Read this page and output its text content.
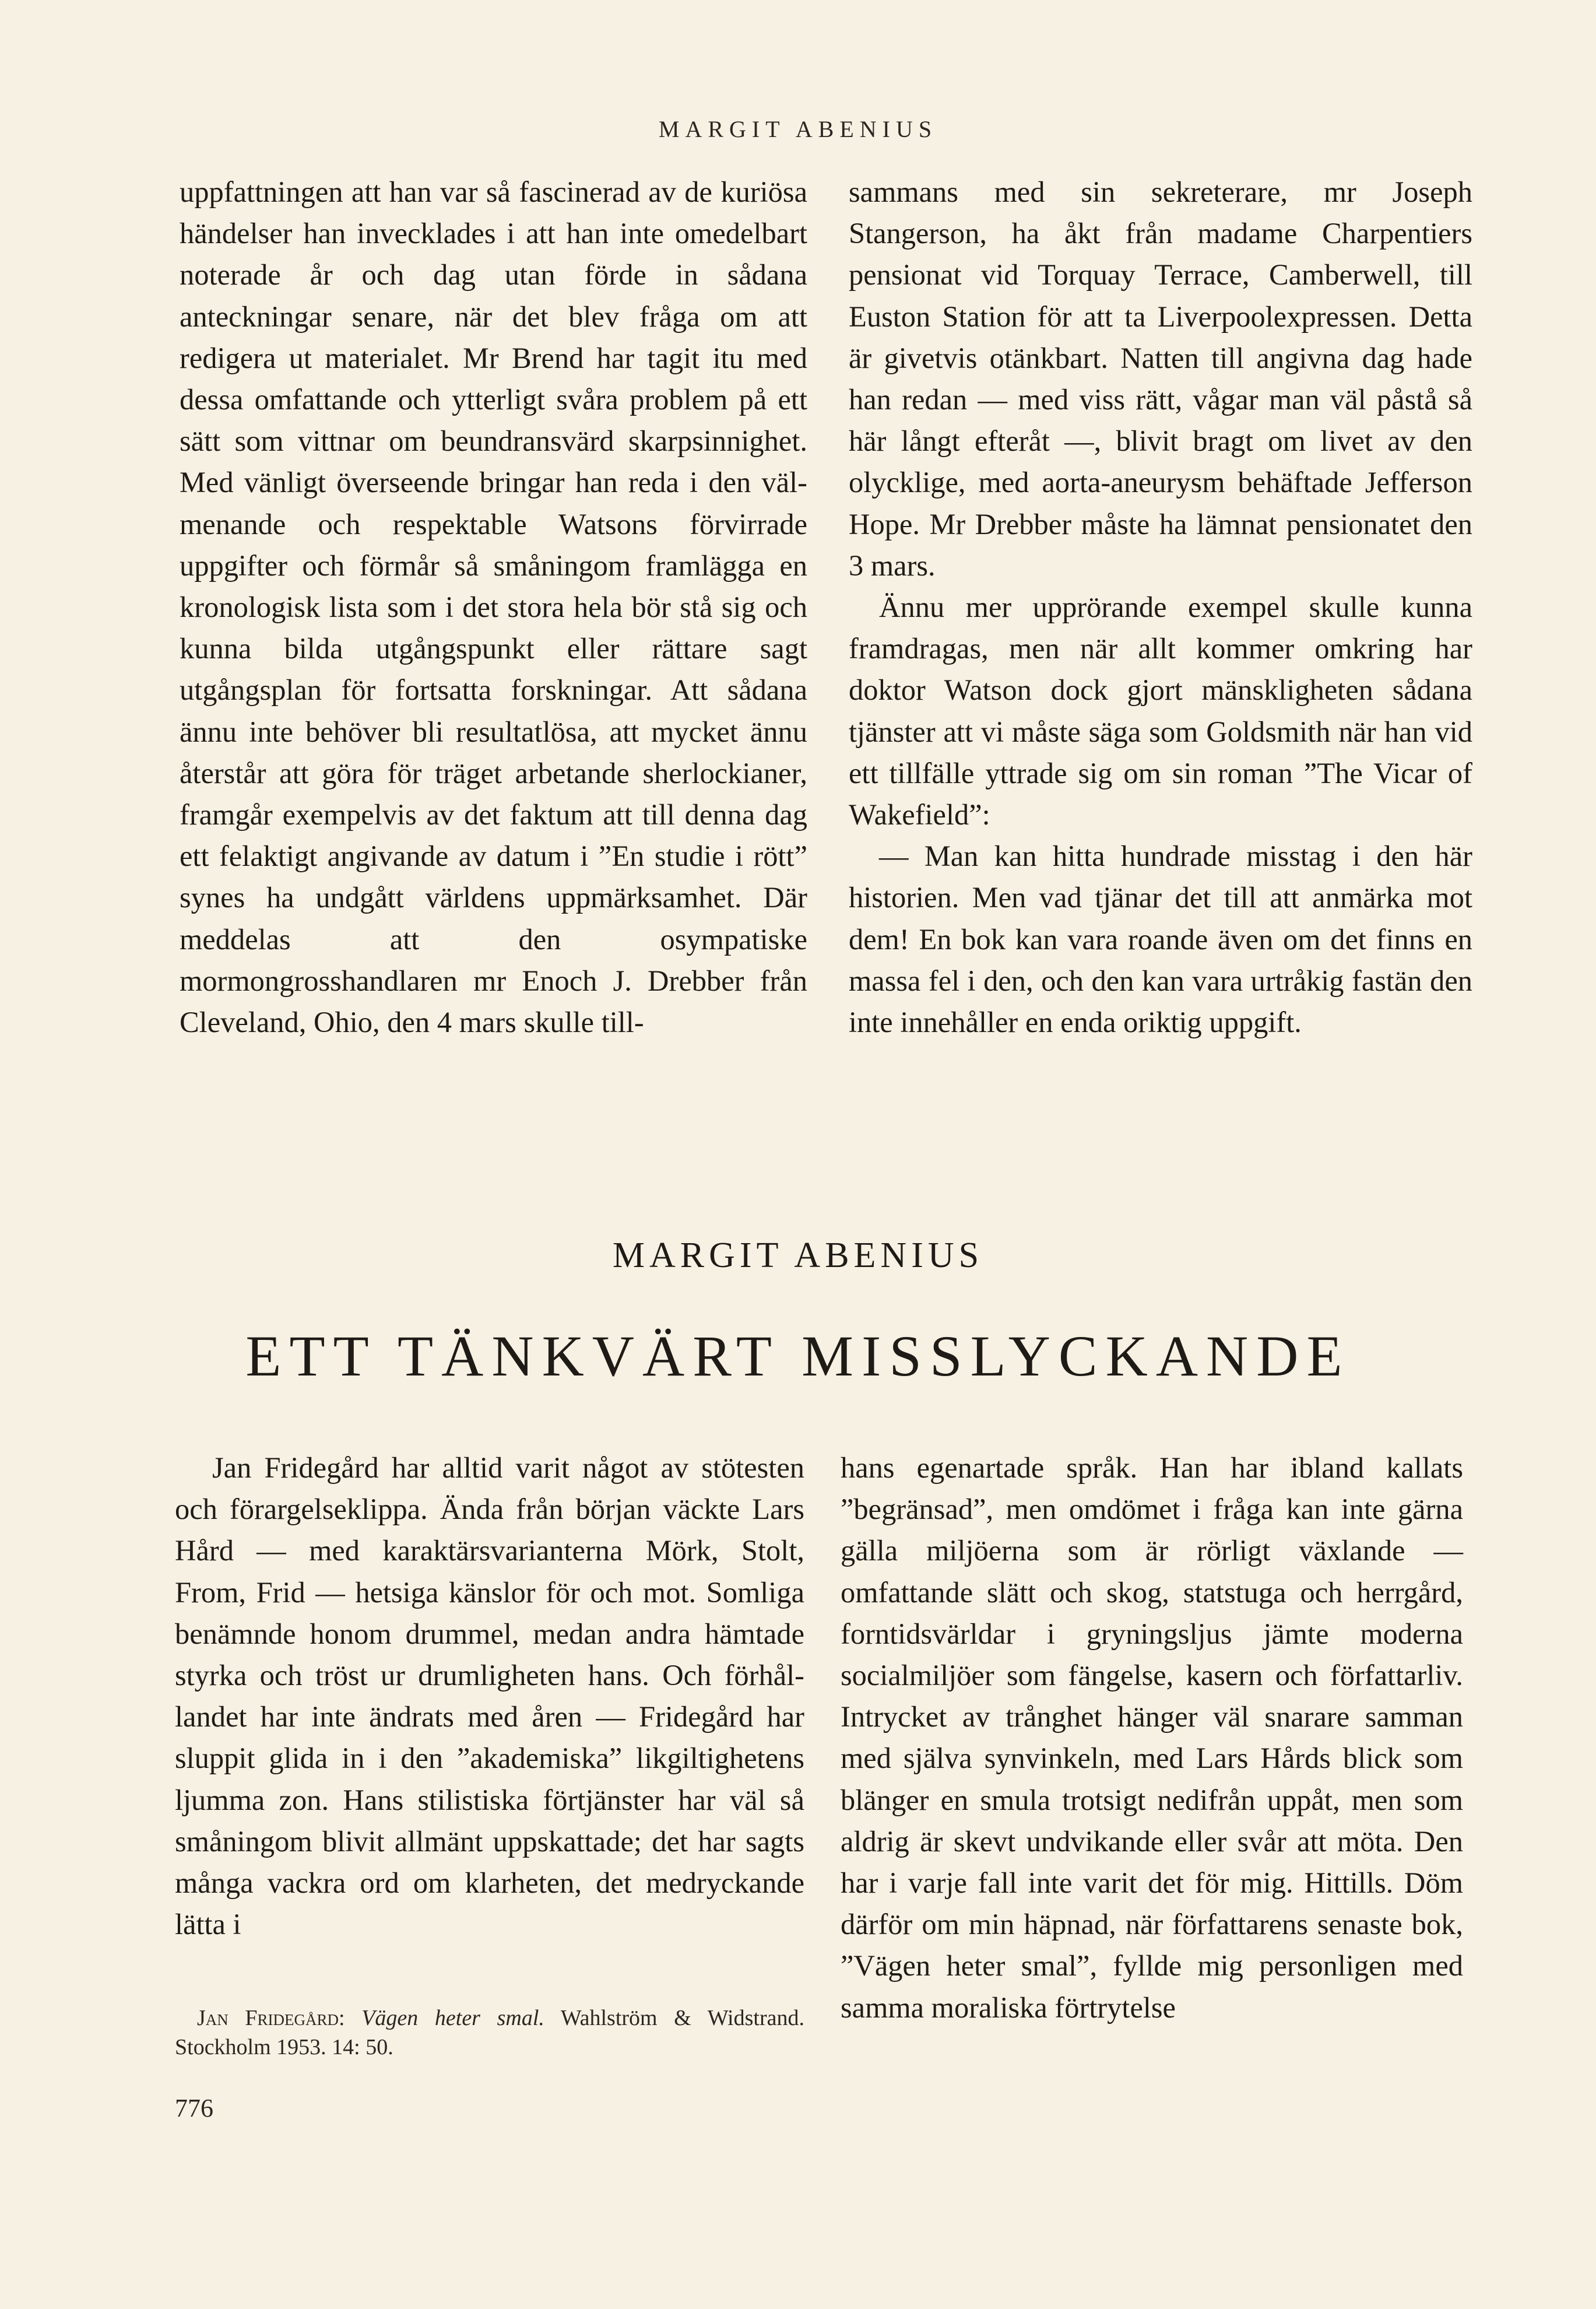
MARGIT ABENIUS

uppfattningen att han var så fascinerad av de kuriösa händelser han invecklades i att han inte omedelbart noterade år och dag utan förde in sådana anteckningar senare, när det blev fråga om att redigera ut materialet. Mr Brend har tagit itu med dessa omfattande och ytterligt svåra problem på ett sätt som vittnar om beundransvärd skarpsinnighet. Med vänligt överseende bringar han reda i den välmenande och respektable Watsons förvirrade uppgifter och förmår så småningom framlägga en kronologisk lista som i det stora hela bör stå sig och kunna bilda utgångspunkt eller rättare sagt utgångsplan för fortsatta forskningar. Att sådana ännu inte behöver bli resultatlösa, att mycket ännu återstår att göra för träget arbetande sherlockianer, framgår exempelvis av det faktum att till denna dag ett felaktigt angivande av datum i ”En studie i rött” synes ha undgått världens uppmärksamhet. Där meddelas att den osympatiske mormongrosshandlaren mr Enoch J. Drebber från Cleveland, Ohio, den 4 mars skulle till-

sammans med sin sekreterare, mr Joseph Stangerson, ha åkt från madame Charpentiers pensionat vid Torquay Terrace, Camberwell, till Euston Station för att ta Liverpoolexpressen. Detta är givetvis otänkbart. Natten till angivna dag hade han redan — med viss rätt, vågar man väl påstå så här långt efteråt —, blivit bragt om livet av den olycklige, med aorta-aneurysm behäftade Jefferson Hope. Mr Drebber måste ha lämnat pensionatet den 3 mars.

Ännu mer upprörande exempel skulle kunna framdragas, men när allt kommer omkring har doktor Watson dock gjort mänskligheten sådana tjänster att vi måste säga som Goldsmith när han vid ett tillfälle yttrade sig om sin roman ”The Vicar of Wakefield”:

— Man kan hitta hundrade misstag i den här historien. Men vad tjänar det till att anmärka mot dem! En bok kan vara roande även om det finns en massa fel i den, och den kan vara urtråkig fastän den inte innehåller en enda oriktig uppgift.

MARGIT ABENIUS
ETT TÄNKVÄRT MISSLYCKANDE

Jan Fridegård har alltid varit något av stötesten och förargelseklippa. Ända från början väckte Lars Hård — med karaktärsvarianterna Mörk, Stolt, From, Frid — hetsiga känslor för och mot. Somliga benämnde honom drummel, medan andra hämtade styrka och tröst ur drumligheten hans. Och förhållandet har inte ändrats med åren — Fridegård har sluppit glida in i den ”akademiska” likgiltighetens ljumma zon. Hans stilistiska förtjänster har väl så småningom blivit allmänt uppskattade; det har sagts många vackra ord om klarheten, det medryckande lätta i

hans egenartade språk. Han har ibland kallats ”begränsad”, men omdömet i fråga kan inte gärna gälla miljöerna som är rörligt växlande — omfattande slätt och skog, statstuga och herrgård, forntidsvärldar i gryningsljus jämte moderna socialmiljöer som fängelse, kasern och författarliv. Intrycket av trånghet hänger väl snarare samman med själva synvinkeln, med Lars Hårds blick som blänger en smula trotsigt nedifrån uppåt, men som aldrig är skevt undvikande eller svår att möta. Den har i varje fall inte varit det för mig. Hittills. Döm därför om min häpnad, när författarens senaste bok, ”Vägen heter smal”, fyllde mig personligen med samma moraliska förtrytelse

Jan Fridegård: Vägen heter smal. Wahlström & Widstrand. Stockholm 1953. 14: 50.
776
